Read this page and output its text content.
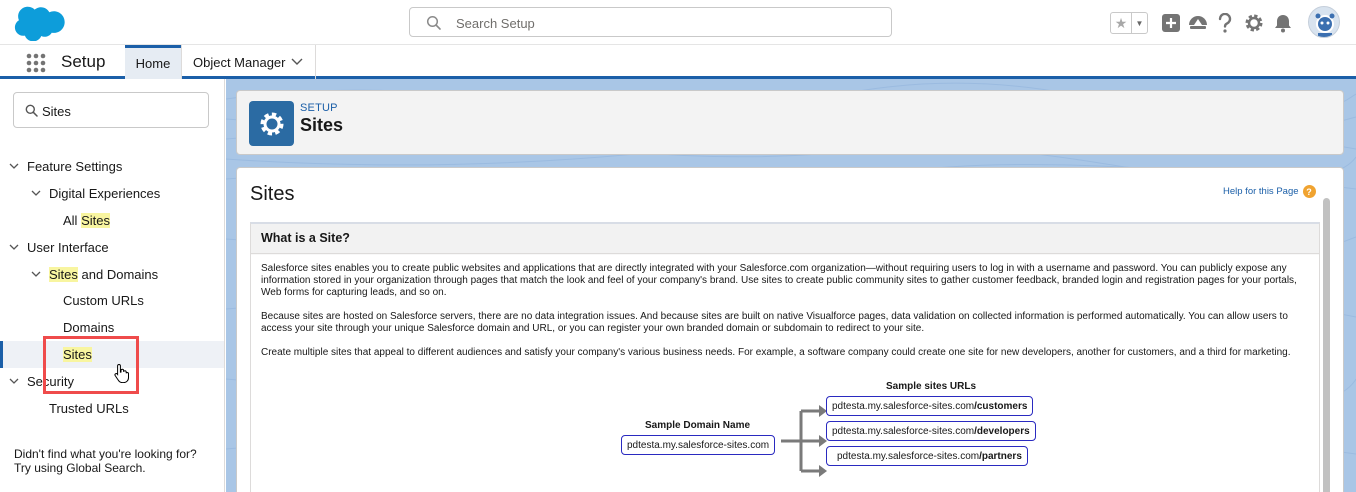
Search Setup
★	▼
Setup	Home	Object Manager
Sites
Feature Settings
Digital Experiences
All Sites
User Interface
Sites and Domains
Custom URLs
Domains
Sites
Security
Trusted URLs
Didn't find what you're looking for?
Try using Global Search.
SETUP
Sites
Sites	Help for this Page ?
What is a Site?
Salesforce sites enables you to create public websites and applications that are directly integrated with your Salesforce.com organization—without requiring users to log in with a username and password. You can publicly expose any information stored in your organization through pages that match the look and feel of your company's brand. Use sites to create public community sites to gather customer feedback, branded login and registration pages for your portals, Web forms for capturing leads, and so on.
Because sites are hosted on Salesforce servers, there are no data integration issues. And because sites are built on native Visualforce pages, data validation on collected information is performed automatically. You can allow users to access your site through your unique Salesforce domain and URL, or you can register your own branded domain or subdomain to redirect to your site.
Create multiple sites that appeal to different audiences and satisfy your company's various business needs. For example, a software company could create one site for new developers, another for customers, and a third for marketing.
Sample sites URLs
Sample Domain Name
pdtesta.my.salesforce-sites.com
pdtesta.my.salesforce-sites.com /customers
pdtesta.my.salesforce-sites.com /developers
pdtesta.my.salesforce-sites.com /partners
